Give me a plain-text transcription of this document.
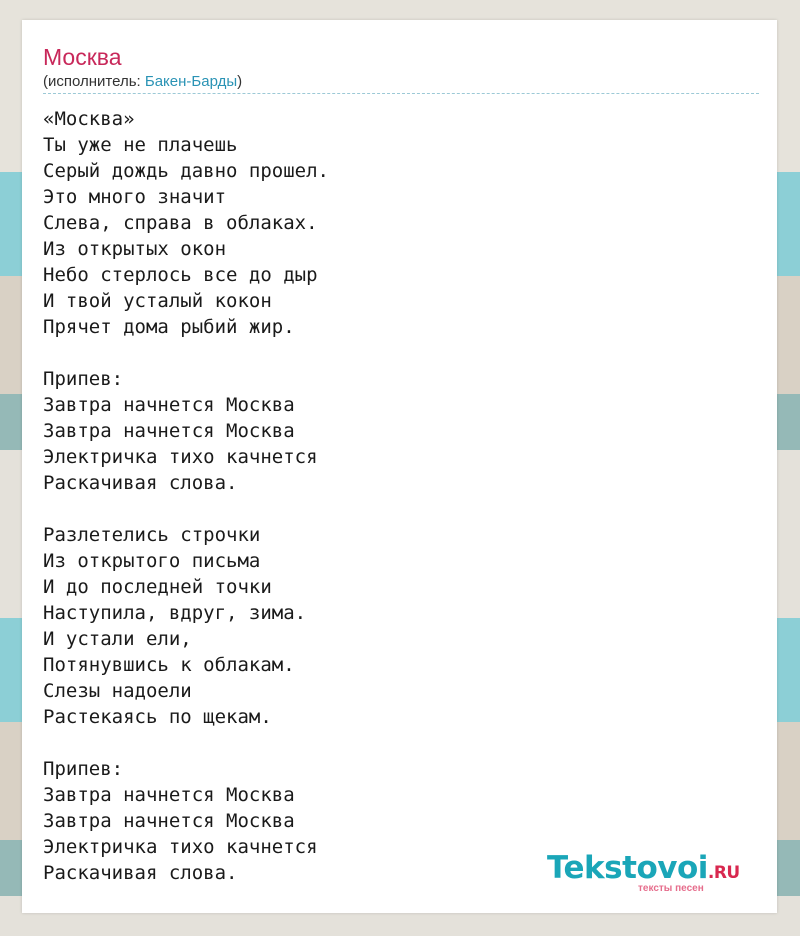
Москва
(исполнитель: Бакен-Барды)
«Москва»
Ты уже не плачешь
Серый дождь давно прошел.
Это много значит
Слева, справа в облаках.
Из открытых окон
Небо стерлось все до дыр
И твой усталый кокон
Прячет дома рыбий жир.

Припев:
Завтра начнется Москва
Завтра начнется Москва
Электричка тихо качнется
Раскачивая слова.

Разлетелись строчки
Из открытого письма
И до последней точки
Наступила, вдруг, зима.
И устали ели,
Потянувшись к облакам.
Слезы надоели
Растекаясь по щекам.

Припев:
Завтра начнется Москва
Завтра начнется Москва
Электричка тихо качнется
Раскачивая слова.	Tekstovoi.RU
тексты песен
